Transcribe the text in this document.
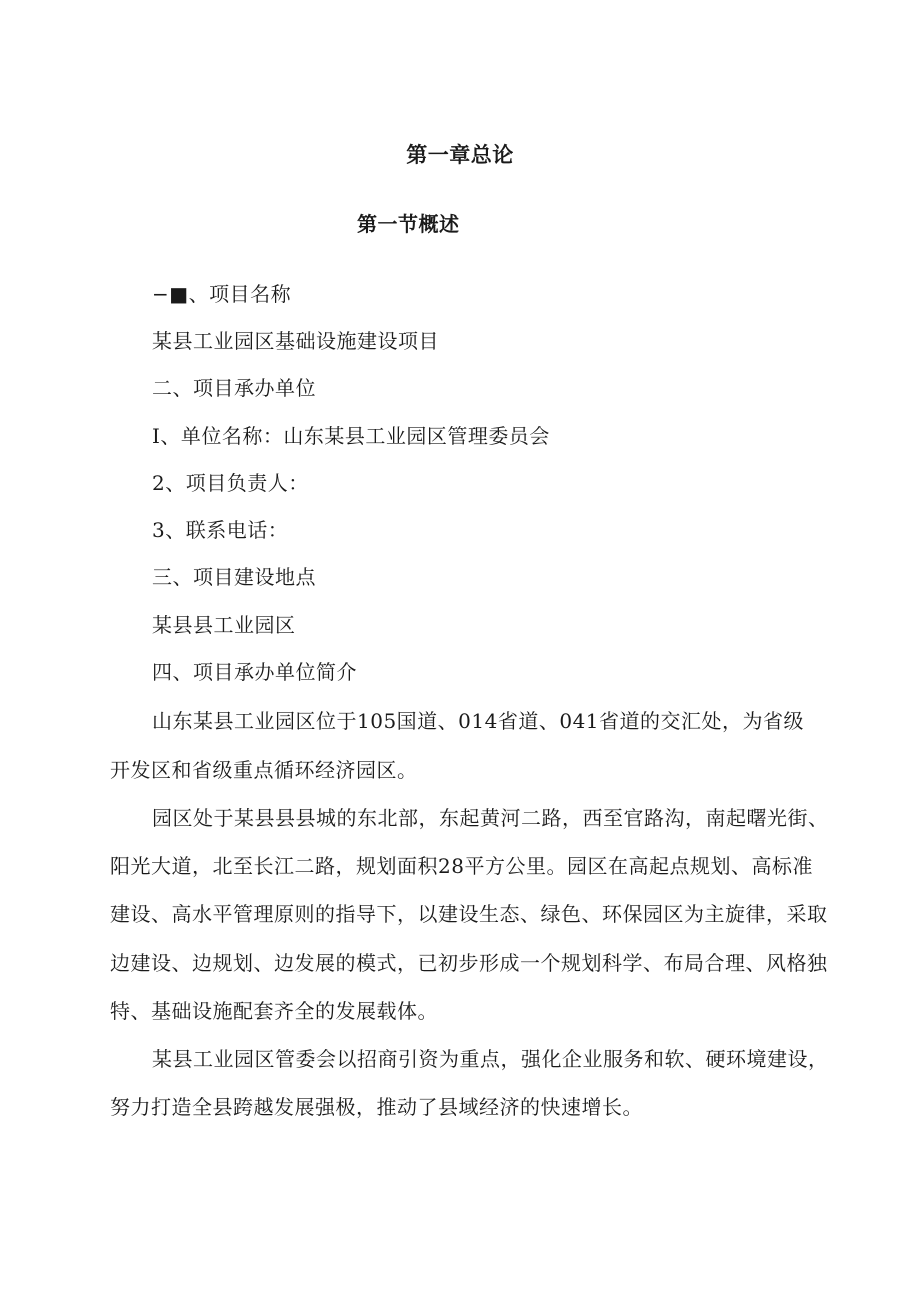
第一章总论
第一节概述

−■、项目名称

某县工业园区基础设施建设项目

二、项目承办单位

I、单位名称：山东某县工业园区管理委员会

2、项目负责人：

3、联系电话：

三、项目建设地点

某县县工业园区

四、项目承办单位简介

山东某县工业园区位于105国道、014省道、041省道的交汇处，为省级

开发区和省级重点循环经济园区。

园区处于某县县县城的东北部，东起黄河二路，西至官路沟，南起曙光街、

阳光大道，北至长江二路，规划面积28平方公里。园区在高起点规划、高标准

建设、高水平管理原则的指导下，以建设生态、绿色、环保园区为主旋律，采取

边建设、边规划、边发展的模式，已初步形成一个规划科学、布局合理、风格独

特、基础设施配套齐全的发展载体。

某县工业园区管委会以招商引资为重点，强化企业服务和软、硬环境建设，

努力打造全县跨越发展强极，推动了县域经济的快速增长。
